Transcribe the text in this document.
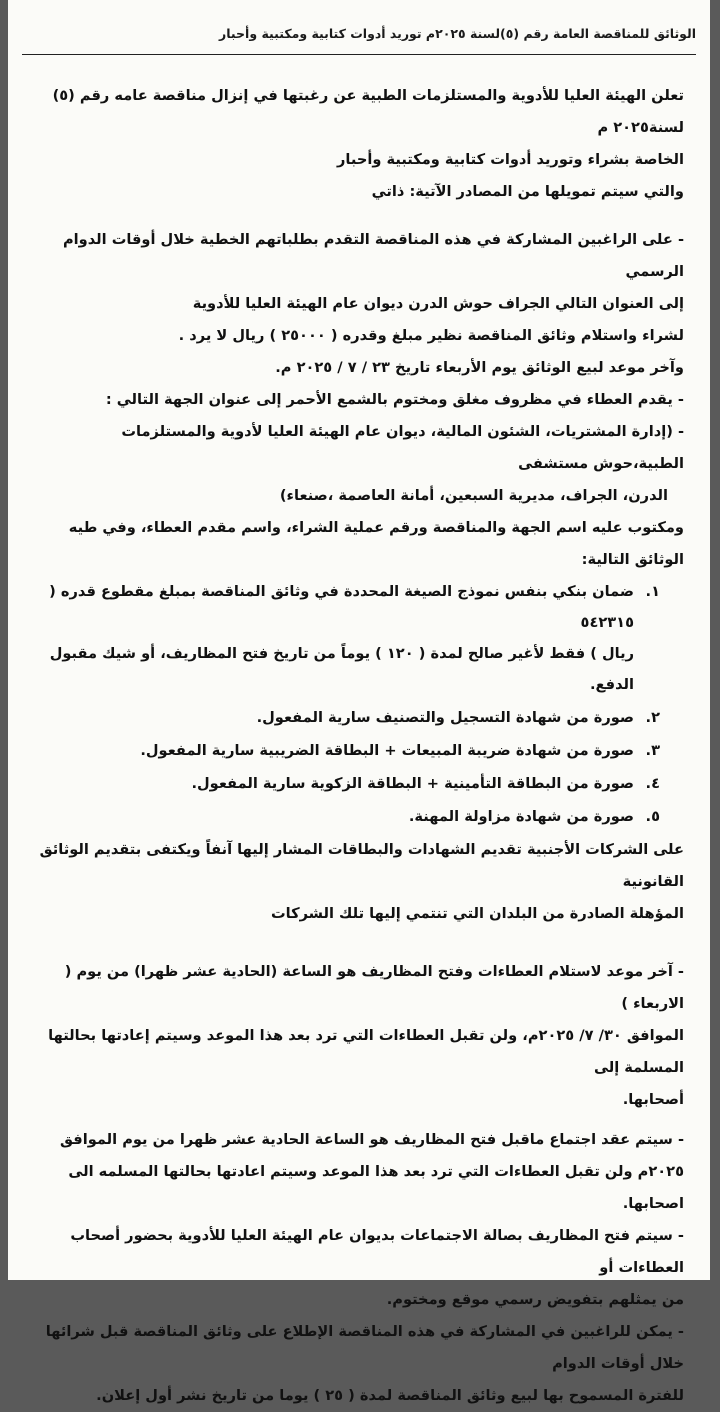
الوثائق للمناقصة العامة رقم (٥)لسنة ٢٠٢٥م توريد أدوات كتابية ومكتبية وأحبار

تعلن الهيئة العليا للأدوية والمستلزمات الطبية عن رغبتها في إنزال مناقصة عامه رقم (٥) لسنة٢٠٢٥ م

الخاصة بشراء وتوريد أدوات كتابية ومكتبية وأحبار

والتي سيتم تمويلها من المصادر الآتية: ذاتي

- على الراغبين المشاركة في هذه المناقصة التقدم بطلباتهم الخطية خلال أوقات الدوام الرسمي

إلى العنوان التالي الجراف حوش الدرن ديوان عام الهيئة العليا للأدوية

لشراء واستلام وثائق المناقصة نظير مبلغ وقدره ( ٢٥٠٠٠ ) ريال لا يرد .

وآخر موعد لبيع الوثائق يوم الأربعاء تاريخ ٢٣ / ٧ / ٢٠٢٥ م.

- يقدم العطاء في مظروف مغلق ومختوم بالشمع الأحمر إلى عنوان الجهة التالي :

- (إدارة المشتريات، الشئون المالية، ديوان عام الهيئة العليا لأدوية والمستلزمات الطبية،حوش مستشفى

الدرن، الجراف، مديرية السبعين، أمانة العاصمة ،صنعاء)

ومكتوب عليه اسم الجهة والمناقصة ورقم عملية الشراء، واسم مقدم العطاء، وفي طيه الوثائق التالية:

١.

ضمان بنكي بنفس نموذج الصيغة المحددة في وثائق المناقصة بمبلغ مقطوع قدره ( ٥٤٢٣١٥

ريال ) فقط لأغير صالح لمدة ( ١٢٠ ) يوماً من تاريخ فتح المظاريف، أو شيك مقبول الدفع.

٢.
صورة من شهادة التسجيل والتصنيف سارية المفعول.
٣.
صورة من شهادة ضريبة المبيعات + البطاقة الضريبية سارية المفعول.
٤.
صورة من البطاقة التأمينية + البطاقة الزكوية سارية المفعول.
٥.
صورة من شهادة مزاولة المهنة.

على الشركات الأجنبية تقديم الشهادات والبطاقات المشار إليها آنفاً ويكتفى بتقديم الوثائق القانونية

المؤهلة الصادرة من البلدان التي تنتمي إليها تلك الشركات

- آخر موعد لاستلام العطاءات وفتح المظاريف هو الساعة (الحادية عشر ظهرا) من يوم ( الاربعاء )

الموافق ٣٠/ ٧/ ٢٠٢٥م، ولن تقبل العطاءات التي ترد بعد هذا الموعد وسيتم إعادتها بحالتها المسلمة إلى

أصحابها.

- سيتم عقد اجتماع ماقبل فتح المظاريف هو الساعة الحادية عشر ظهرا من يوم الموافق

٢٠٢٥م ولن تقبل العطاءات التي ترد بعد هذا الموعد وسيتم اعادتها بحالتها المسلمه الى اصحابها.

- سيتم فتح المظاريف بصالة الاجتماعات بديوان عام الهيئة العليا للأدوية بحضور أصحاب العطاءات أو

من يمثلهم بتفويض رسمي موقع ومختوم.

- يمكن للراغبين في المشاركة في هذه المناقصة الإطلاع على وثائق المناقصة قبل شرائها خلال أوقات الدوام

للفترة المسموح بها لبيع وثائق المناقصة لمدة ( ٢٥ ) يوما من تاريخ نشر أول إعلان.
